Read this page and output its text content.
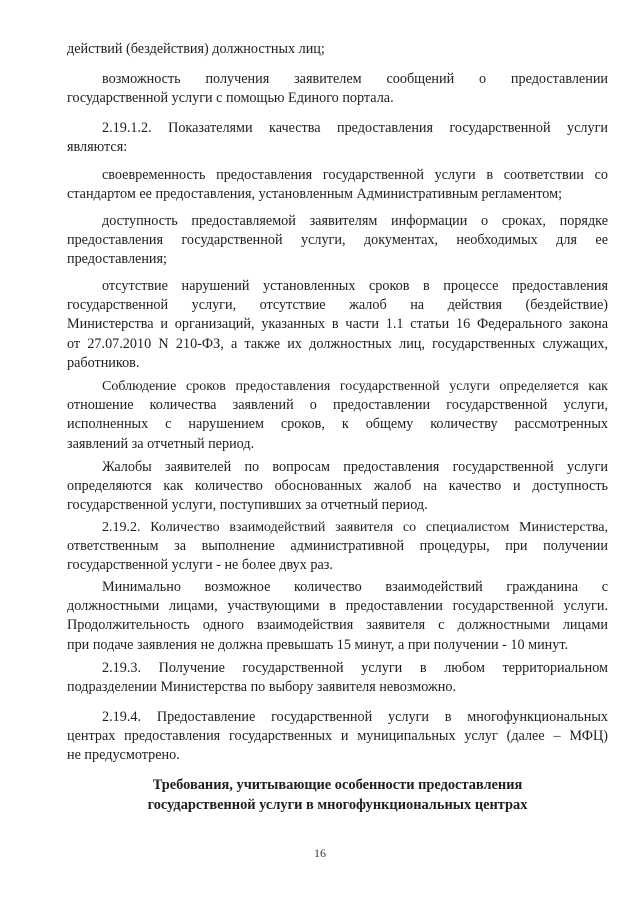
действий (бездействия) должностных лиц;
возможность получения заявителем сообщений о предоставлении
государственной услуги с помощью Единого портала.
2.19.1.2. Показателями качества предоставления государственной услуги
являются:
своевременность предоставления государственной услуги в соответствии со
стандартом ее предоставления, установленным Административным регламентом;
доступность предоставляемой заявителям информации о сроках, порядке
предоставления государственной услуги, документах, необходимых для ее
предоставления;
отсутствие нарушений установленных сроков в процессе предоставления
государственной услуги, отсутствие жалоб на действия (бездействие)
Министерства и организаций, указанных в части 1.1 статьи 16 Федерального закона
от 27.07.2010 N 210-ФЗ, а также их должностных лиц, государственных служащих,
работников.
Соблюдение сроков предоставления государственной услуги определяется как
отношение количества заявлений о предоставлении государственной услуги,
исполненных с нарушением сроков, к общему количеству рассмотренных
заявлений за отчетный период.
Жалобы заявителей по вопросам предоставления государственной услуги
определяются как количество обоснованных жалоб на качество и доступность
государственной услуги, поступивших за отчетный период.
2.19.2. Количество взаимодействий заявителя со специалистом Министерства,
ответственным за выполнение административной процедуры, при получении
государственной услуги - не более двух раз.
Минимально возможное количество взаимодействий гражданина с
должностными лицами, участвующими в предоставлении государственной услуги.
Продолжительность одного взаимодействия заявителя с должностными лицами
при подаче заявления не должна превышать 15 минут, а при получении - 10 минут.
2.19.3. Получение государственной услуги в любом территориальном
подразделении Министерства по выбору заявителя невозможно.
2.19.4. Предоставление государственной услуги в многофункциональных
центрах предоставления государственных и муниципальных услуг (далее – МФЦ)
не предусмотрено.
Требования, учитывающие особенности предоставления
государственной услуги в многофункциональных центрах
16
